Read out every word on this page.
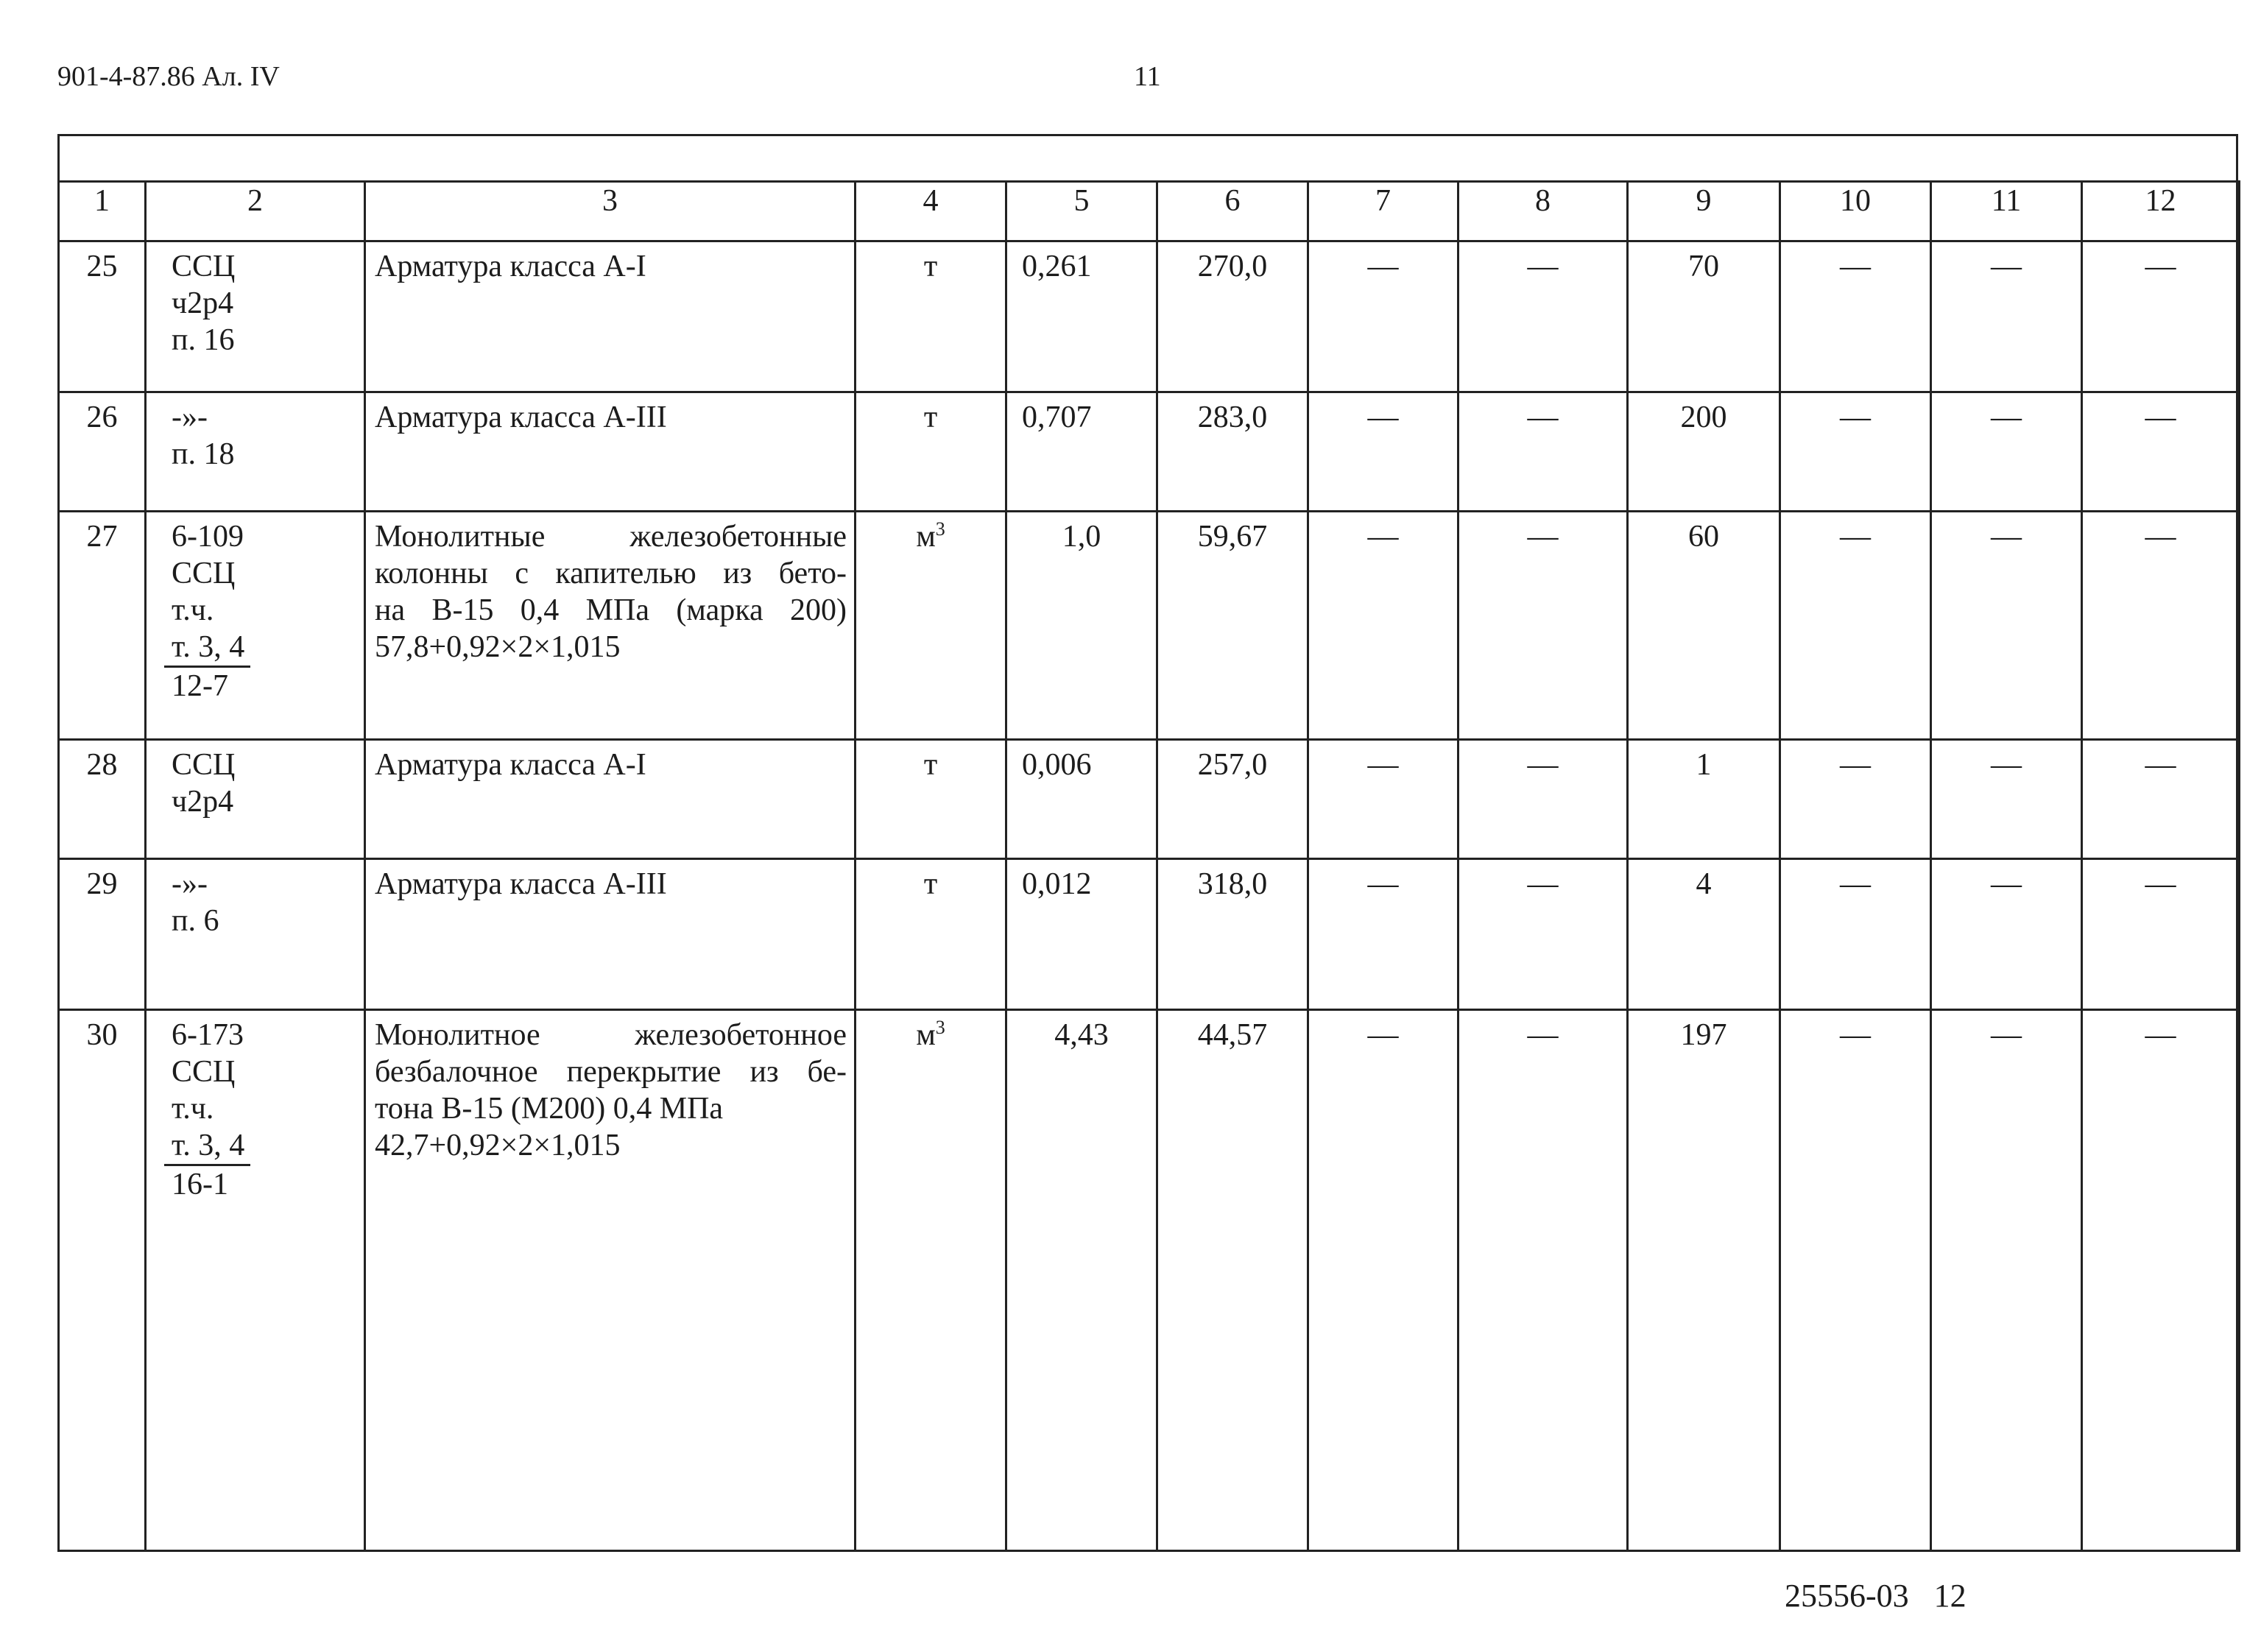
901-4-87.86 Ал. IV	11
1	2	3	4	5	6	7	8	9	10	11	12
25	ССЦ
ч2р4
п. 16	Арматура класса А-I	т	0,261	270,0	—	—	70	—	—	—
26	-»-
п. 18	Арматура класса А-III	т	0,707	283,0	—	—	200	—	—	—
27	6-109
ССЦ
т.ч.
т. 3, 4
12-7	Монолитные железобетонные
колонны с капителью из бето-
на В-15 0,4 МПа (марка 200)
57,8+0,92×2×1,015	$м^3$	1,0	59,67	—	—	60	—	—	—
28	ССЦ
ч2р4	Арматура класса А-I	т	0,006	257,0	—	—	1	—	—	—
29	-»-
п. 6	Арматура класса А-III	т	0,012	318,0	—	—	4	—	—	—
30	6-173
ССЦ
т.ч.
т. 3, 4
16-1	Монолитное железобетонное
безбалочное перекрытие из бе-
тона В-15 (М200) 0,4 МПа
42,7+0,92×2×1,015	$м^3$	4,43	44,57	—	—	197	—	—	—
25556-03 12
